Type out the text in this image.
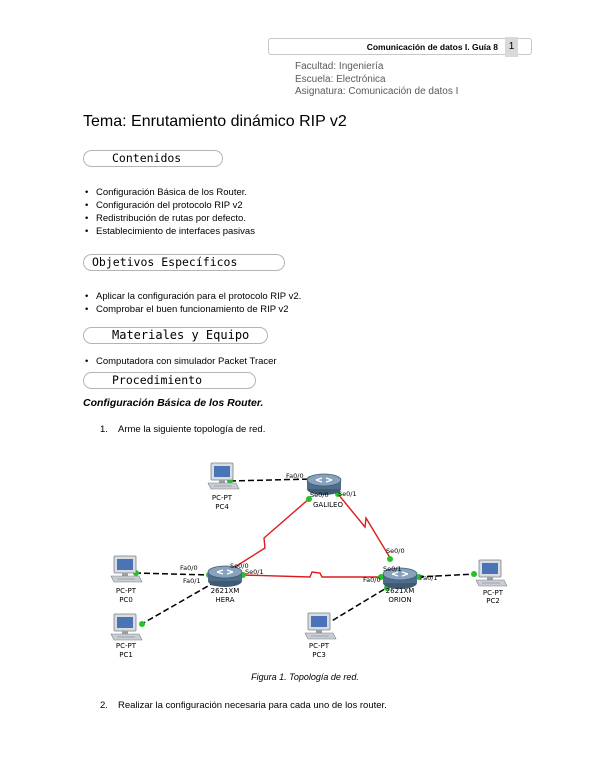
Comunicación de datos I. Guía 8	1
Facultad: Ingeniería
Escuela: Electrónica
Asignatura: Comunicación de datos I
Tema: Enrutamiento dinámico RIP v2
Contenidos
• Configuración Básica de los Router.
• Configuración del protocolo RIP v2
• Redistribución de rutas por defecto.
• Establecimiento de interfaces pasivas
Objetivos Específicos
• Aplicar la configuración para el protocolo RIP v2.
• Comprobar el buen funcionamiento de RIP v2
Materiales y Equipo
• Computadora con simulador Packet Tracer
Procedimiento
Configuración Básica de los Router.
1. Arme la siguiente topología de red.
GALILEO
2621XM
HERA
2621XM
ORION
PC-PT
PC4
PC-PT
PC0
PC-PT
PC1
PC-PT
PC3
PC-PT
PC2
Fa0/0
Se0/0 Se0/1
Fa0/0
Fa0/1
Se0/0
Se0/1
Se0/0
Se0/1
Fa0/0	Fa0/1
Figura 1. Topología de red.
2. Realizar la configuración necesaria para cada uno de los router.
